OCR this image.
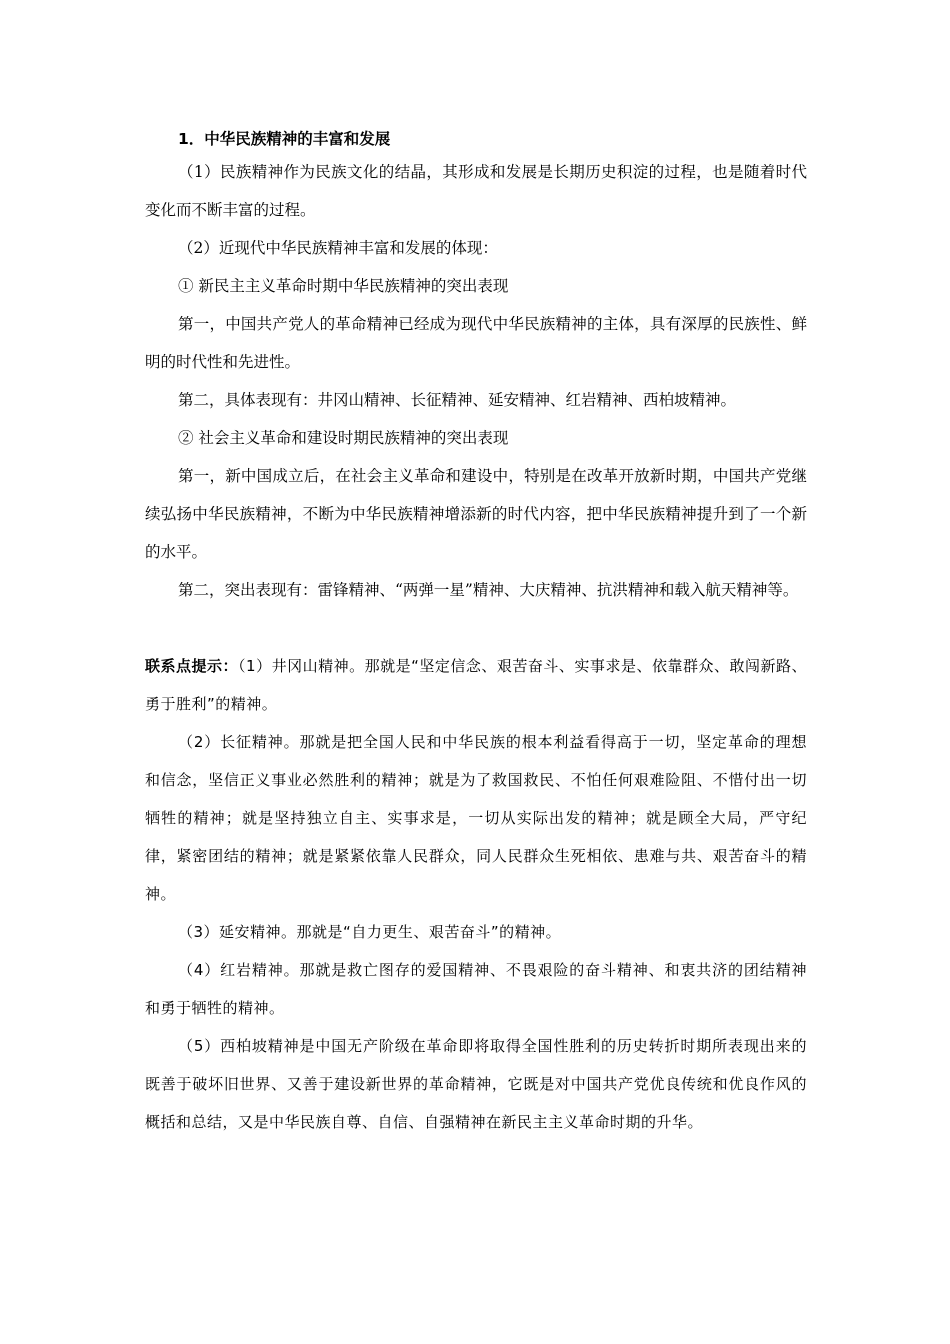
1．中华民族精神的丰富和发展

（1）民族精神作为民族文化的结晶，其形成和发展是长期历史积淀的过程，也是随着时代变化而不断丰富的过程。

（2）近现代中华民族精神丰富和发展的体现：

① 新民主主义革命时期中华民族精神的突出表现

第一，中国共产党人的革命精神已经成为现代中华民族精神的主体，具有深厚的民族性、鲜明的时代性和先进性。

第二，具体表现有：井冈山精神、长征精神、延安精神、红岩精神、西柏坡精神。

② 社会主义革命和建设时期民族精神的突出表现

第一，新中国成立后，在社会主义革命和建设中，特别是在改革开放新时期，中国共产党继续弘扬中华民族精神，不断为中华民族精神增添新的时代内容，把中华民族精神提升到了一个新的水平。

第二，突出表现有：雷锋精神、“两弹一星”精神、大庆精神、抗洪精神和载入航天精神等。

联系点提示：（1）井冈山精神。那就是“坚定信念、艰苦奋斗、实事求是、依靠群众、敢闯新路、勇于胜利”的精神。

（2）长征精神。那就是把全国人民和中华民族的根本利益看得高于一切，坚定革命的理想和信念，坚信正义事业必然胜利的精神；就是为了救国救民、不怕任何艰难险阻、不惜付出一切牺牲的精神；就是坚持独立自主、实事求是，一切从实际出发的精神；就是顾全大局，严守纪律，紧密团结的精神；就是紧紧依靠人民群众，同人民群众生死相依、患难与共、艰苦奋斗的精神。

（3）延安精神。那就是“自力更生、艰苦奋斗”的精神。

（4）红岩精神。那就是救亡图存的爱国精神、不畏艰险的奋斗精神、和衷共济的团结精神和勇于牺牲的精神。

（5）西柏坡精神是中国无产阶级在革命即将取得全国性胜利的历史转折时期所表现出来的既善于破坏旧世界、又善于建设新世界的革命精神，它既是对中国共产党优良传统和优良作风的概括和总结，又是中华民族自尊、自信、自强精神在新民主主义革命时期的升华。
